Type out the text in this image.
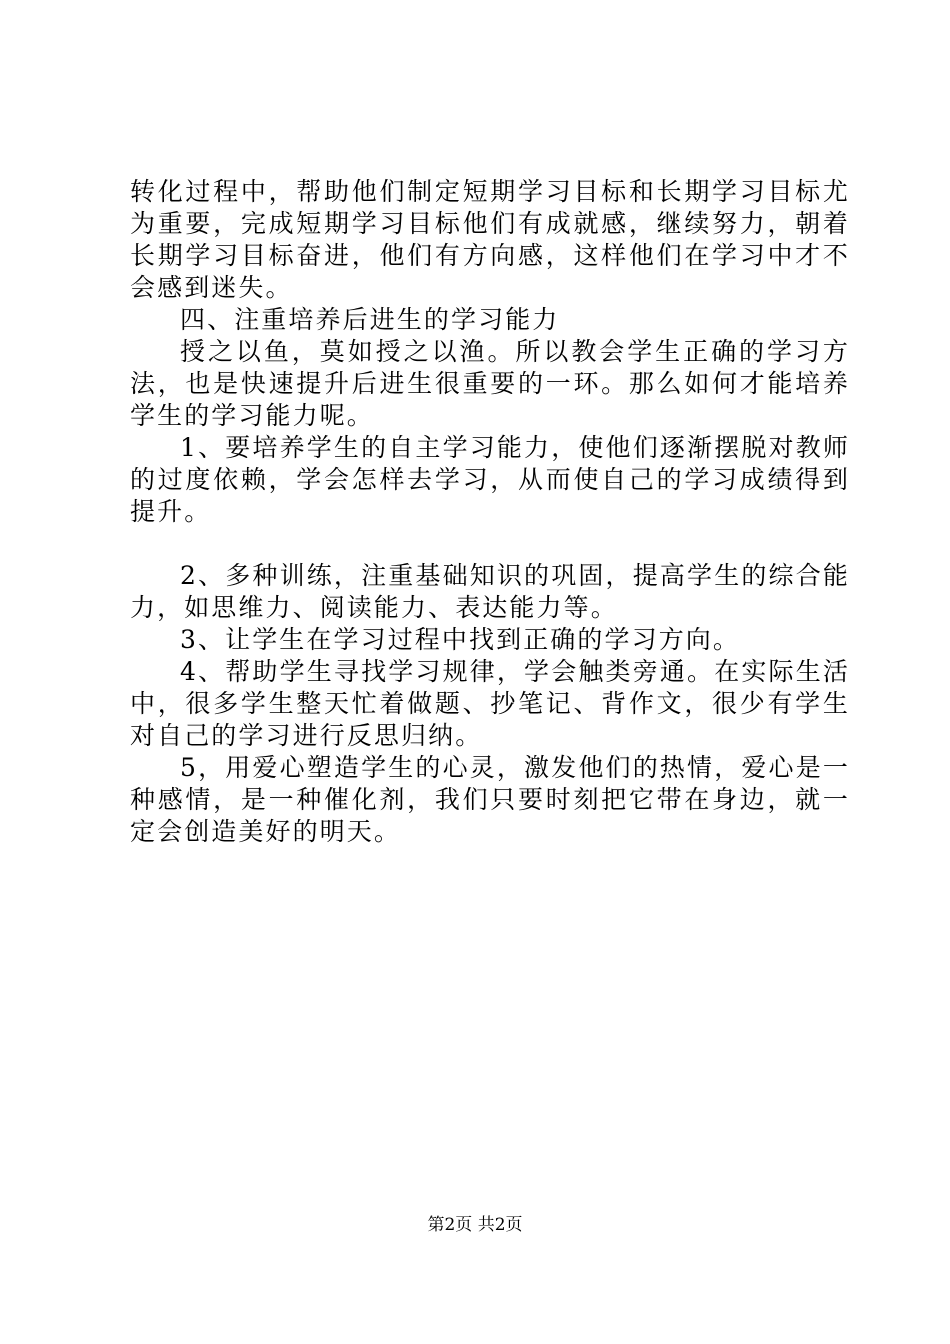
转化过程中，帮助他们制定短期学习目标和长期学习目标尤为重要，完成短期学习目标他们有成就感，继续努力，朝着长期学习目标奋进，他们有方向感，这样他们在学习中才不会感到迷失。

四、注重培养后进生的学习能力

授之以鱼，莫如授之以渔。所以教会学生正确的学习方法，也是快速提升后进生很重要的一环。那么如何才能培养学生的学习能力呢。

1、要培养学生的自主学习能力，使他们逐渐摆脱对教师的过度依赖，学会怎样去学习，从而使自己的学习成绩得到提升。

2、多种训练，注重基础知识的巩固，提高学生的综合能力，如思维力、阅读能力、表达能力等。

3、让学生在学习过程中找到正确的学习方向。

4、帮助学生寻找学习规律，学会触类旁通。在实际生活中，很多学生整天忙着做题、抄笔记、背作文，很少有学生对自己的学习进行反思归纳。

5，用爱心塑造学生的心灵，激发他们的热情，爱心是一种感情，是一种催化剂，我们只要时刻把它带在身边，就一定会创造美好的明天。

第2页 共2页
